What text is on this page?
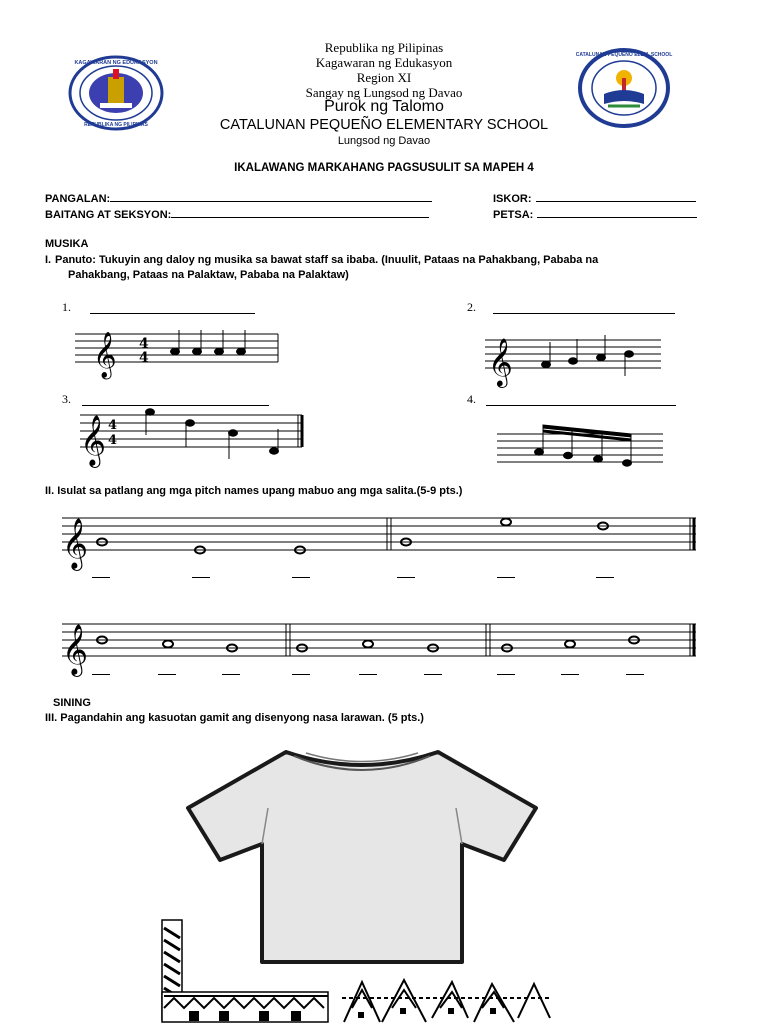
KAGAWARAN NG EDUKASYON
REPUBLIKA NG PILIPINAS
CATALUNAN PEQUEÑO ELEM. SCHOOL
Republika ng Pilipinas
Kagawaran ng Edukasyon
Region XI
Sangay ng Lungsod ng Davao
Purok ng Talomo
CATALUNAN PEQUEÑO ELEMENTARY SCHOOL
Lungsod ng Davao
IKALAWANG MARKAHANG PAGSUSULIT SA MAPEH 4
PANGALAN:
BAITANG AT SEKSYON:
ISKOR:
PETSA:
MUSIKA
I. Panuto: Tukuyin ang daloy ng musika sa bawat staff sa ibaba. (Inuulit, Pataas na Pahakbang, Pababa na
Pahakbang, Pataas na Palaktaw, Pababa na Palaktaw)
1.	2.
3.	4.
𝄞 4
4	𝄞
𝄞 4
4
II. Isulat sa patlang ang mga pitch names upang mabuo ang mga salita.(5-9 pts.)
𝄞
𝄞
SINING
III. Pagandahin ang kasuotan gamit ang disenyong nasa larawan. (5 pts.)
